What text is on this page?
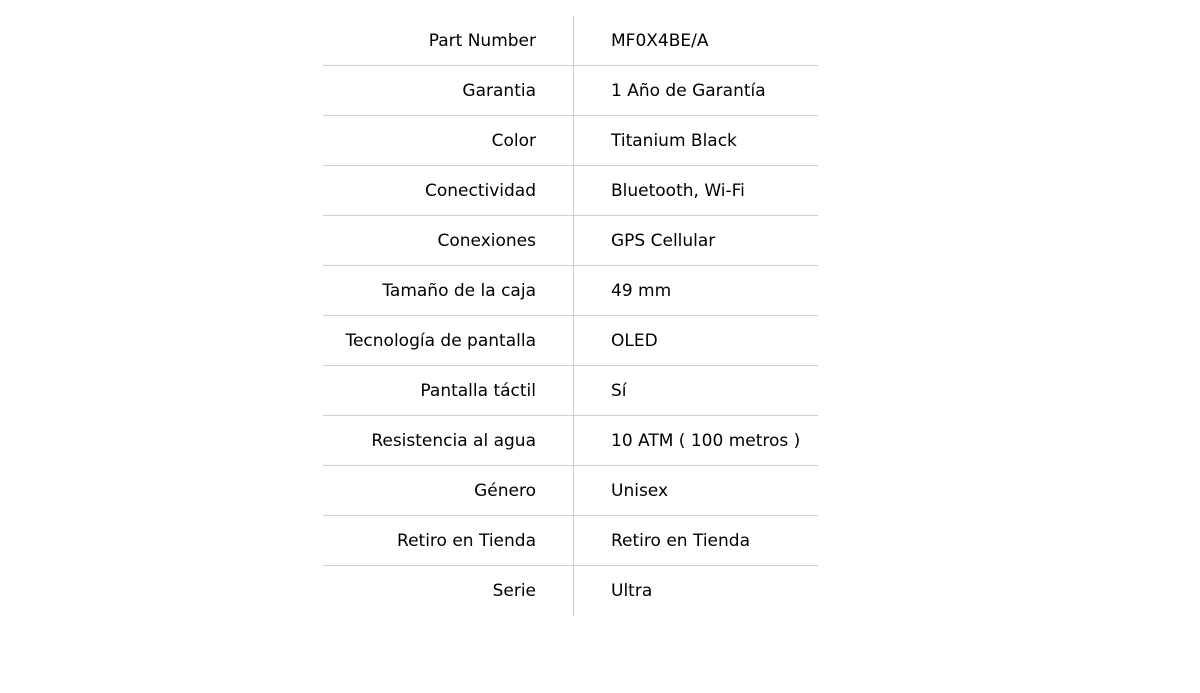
Part Number	MF0X4BE/A
Garantia	1 Año de Garantía
Color	Titanium Black
Conectividad	Bluetooth, Wi-Fi
Conexiones	GPS Cellular
Tamaño de la caja	49 mm
Tecnología de pantalla	OLED
Pantalla táctil	Sí
Resistencia al agua	10 ATM ( 100 metros )
Género	Unisex
Retiro en Tienda	Retiro en Tienda
Serie	Ultra
